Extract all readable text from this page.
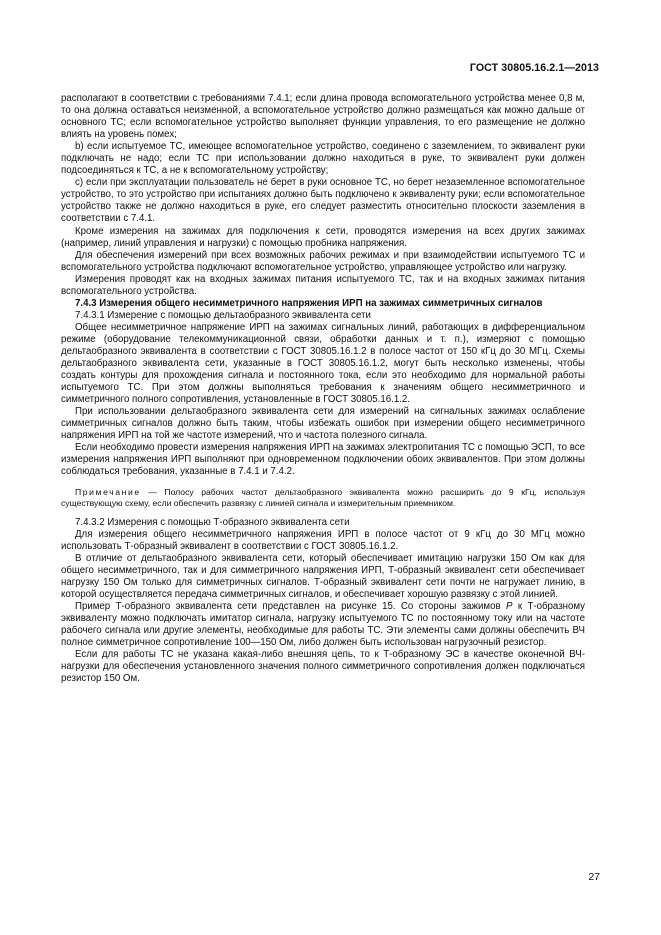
ГОСТ 30805.16.2.1—2013

располагают в соответствии с требованиями 7.4.1; если длина провода вспомогательного устройства менее 0,8 м, то она должна оставаться неизменной, а вспомогательное устройство должно размещаться как можно дальше от основного ТС; если вспомогательное устройство выполняет функции управления, то его размещение не должно влиять на уровень помех;

b) если испытуемое ТС, имеющее вспомогательное устройство, соединено с заземлением, то эквивалент руки подключать не надо; если ТС при использовании должно находиться в руке, то эквивалент руки должен подсоединяться к ТС, а не к вспомогательному устройству;

c) если при эксплуатации пользователь не берет в руки основное ТС, но берет незаземленное вспомогательное устройство, то это устройство при испытаниях должно быть подключено к эквиваленту руки; если вспомогательное устройство также не должно находиться в руке, его следует разместить относительно плоскости заземления в соответствии с 7.4.1.

Кроме измерения на зажимах для подключения к сети, проводятся измерения на всех других зажимах (например, линий управления и нагрузки) с помощью пробника напряжения.

Для обеспечения измерений при всех возможных рабочих режимах и при взаимодействии испытуемого ТС и вспомогательного устройства подключают вспомогательное устройство, управляющее устройство или нагрузку.

Измерения проводят как на входных зажимах питания испытуемого ТС, так и на входных зажимах питания вспомогательного устройства.

7.4.3 Измерения общего несимметричного напряжения ИРП на зажимах симметричных сигналов

7.4.3.1 Измерение с помощью дельтаобразного эквивалента сети

Общее несимметричное напряжение ИРП на зажимах сигнальных линий, работающих в дифференциальном режиме (оборудование телекоммуникационной связи, обработки данных и т. п.), измеряют с помощью дельтаобразного эквивалента в соответствии с ГОСТ 30805.16.1.2 в полосе частот от 150 кГц до 30 МГц. Схемы дельтаобразного эквивалента сети, указанные в ГОСТ 30805.16.1.2, могут быть несколько изменены, чтобы создать контуры для прохождения сигнала и постоянного тока, если это необходимо для нормальной работы испытуемого ТС. При этом должны выполняться требования к значениям общего несимметричного и симметричного полного сопротивления, установленные в ГОСТ 30805.16.1.2.

При использовании дельтаобразного эквивалента сети для измерений на сигнальных зажимах ослабление симметричных сигналов должно быть таким, чтобы избежать ошибок при измерении общего несимметричного напряжения ИРП на той же частоте измерений, что и частота полезного сигнала.

Если необходимо провести измерения напряжения ИРП на зажимах электропитания ТС с помощью ЭСП, то все измерения напряжения ИРП выполняют при одновременном подключении обоих эквивалентов. При этом должны соблюдаться требования, указанные в 7.4.1 и 7.4.2.

Примечание — Полосу рабочих частот дельтаобразного эквивалента можно расширить до 9 кГц, используя существующую схему, если обеспечить развязку с линией сигнала и измерительным приемником.

7.4.3.2 Измерения с помощью Т-образного эквивалента сети

Для измерения общего несимметричного напряжения ИРП в полосе частот от 9 кГц до 30 МГц можно использовать Т-образный эквивалент в соответствии с ГОСТ 30805.16.1.2.

В отличие от дельтаобразного эквивалента сети, который обеспечивает имитацию нагрузки 150 Ом как для общего несимметричного, так и для симметричного напряжения ИРП, Т-образный эквивалент сети обеспечивает нагрузку 150 Ом только для симметричных сигналов. Т-образный эквивалент сети почти не нагружает линию, в которой осуществляется передача симметричных сигналов, и обеспечивает хорошую развязку с этой линией.

Пример Т-образного эквивалента сети представлен на рисунке 15. Со стороны зажимов Р к Т-образному эквиваленту можно подключать имитатор сигнала, нагрузку испытуемого ТС по постоянному току или на частоте рабочего сигнала или другие элементы, необходимые для работы ТС. Эти элементы сами должны обеспечить ВЧ полное симметричное сопротивление 100—150 Ом, либо должен быть использован нагрузочный резистор.

Если для работы ТС не указана какая-либо внешняя цепь, то к Т-образному ЭС в качестве оконечной ВЧ-нагрузки для обеспечения установленного значения полного симметричного сопротивления должен подключаться резистор 150 Ом.

27
